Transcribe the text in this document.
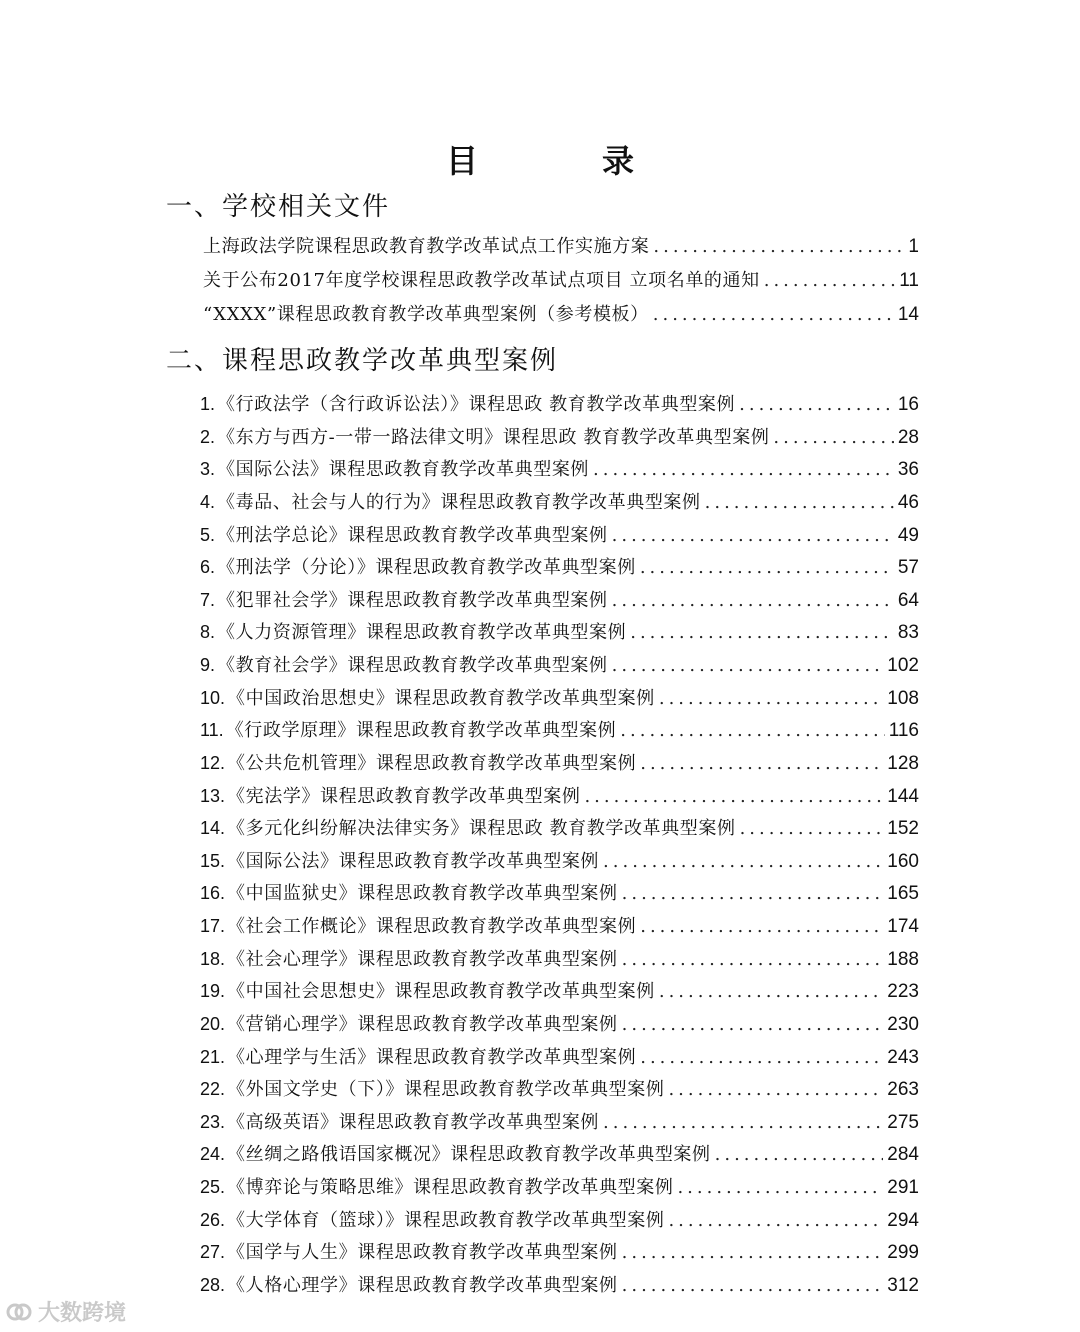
目　录
一、学校相关文件
上海政法学院课程思政教育教学改革试点工作实施方案 .....	1
关于公布2017年度学校课程思政教学改革试点项目 立项名单的通知 .....	11
“XXXX”课程思政教育教学改革典型案例（参考模板） .....	14
二、课程思政教学改革典型案例
1. 《行政法学（含行政诉讼法）》课程思政 教育教学改革典型案例 .....	16
2. 《东方与西方-一带一路法律文明》课程思政 教育教学改革典型案例 .....	28
3. 《国际公法》课程思政教育教学改革典型案例 .....	36
4. 《毒品、社会与人的行为》课程思政教育教学改革典型案例 .....	46
5. 《刑法学总论》课程思政教育教学改革典型案例 .....	49
6. 《刑法学（分论）》课程思政教育教学改革典型案例 .....	57
7. 《犯罪社会学》课程思政教育教学改革典型案例 .....	64
8. 《人力资源管理》课程思政教育教学改革典型案例 .....	83
9. 《教育社会学》课程思政教育教学改革典型案例 .....	102
10. 《中国政治思想史》课程思政教育教学改革典型案例 .....	108
11. 《行政学原理》课程思政教育教学改革典型案例 .....	116
12. 《公共危机管理》课程思政教育教学改革典型案例 .....	128
13. 《宪法学》课程思政教育教学改革典型案例 .....	144
14. 《多元化纠纷解决法律实务》课程思政 教育教学改革典型案例 .....	152
15. 《国际公法》课程思政教育教学改革典型案例 .....	160
16. 《中国监狱史》课程思政教育教学改革典型案例 .....	165
17. 《社会工作概论》课程思政教育教学改革典型案例 .....	174
18. 《社会心理学》课程思政教育教学改革典型案例 .....	188
19. 《中国社会思想史》课程思政教育教学改革典型案例 .....	223
20. 《营销心理学》课程思政教育教学改革典型案例 .....	230
21. 《心理学与生活》课程思政教育教学改革典型案例 .....	243
22. 《外国文学史（下）》课程思政教育教学改革典型案例 .....	263
23. 《高级英语》课程思政教育教学改革典型案例 .....	275
24. 《丝绸之路俄语国家概况》课程思政教育教学改革典型案例 .....	284
25. 《博弈论与策略思维》课程思政教育教学改革典型案例 .....	291
26. 《大学体育（篮球）》课程思政教育教学改革典型案例 .....	294
27. 《国学与人生》课程思政教育教学改革典型案例 .....	299
28. 《人格心理学》课程思政教育教学改革典型案例 .....	312
大数跨境
